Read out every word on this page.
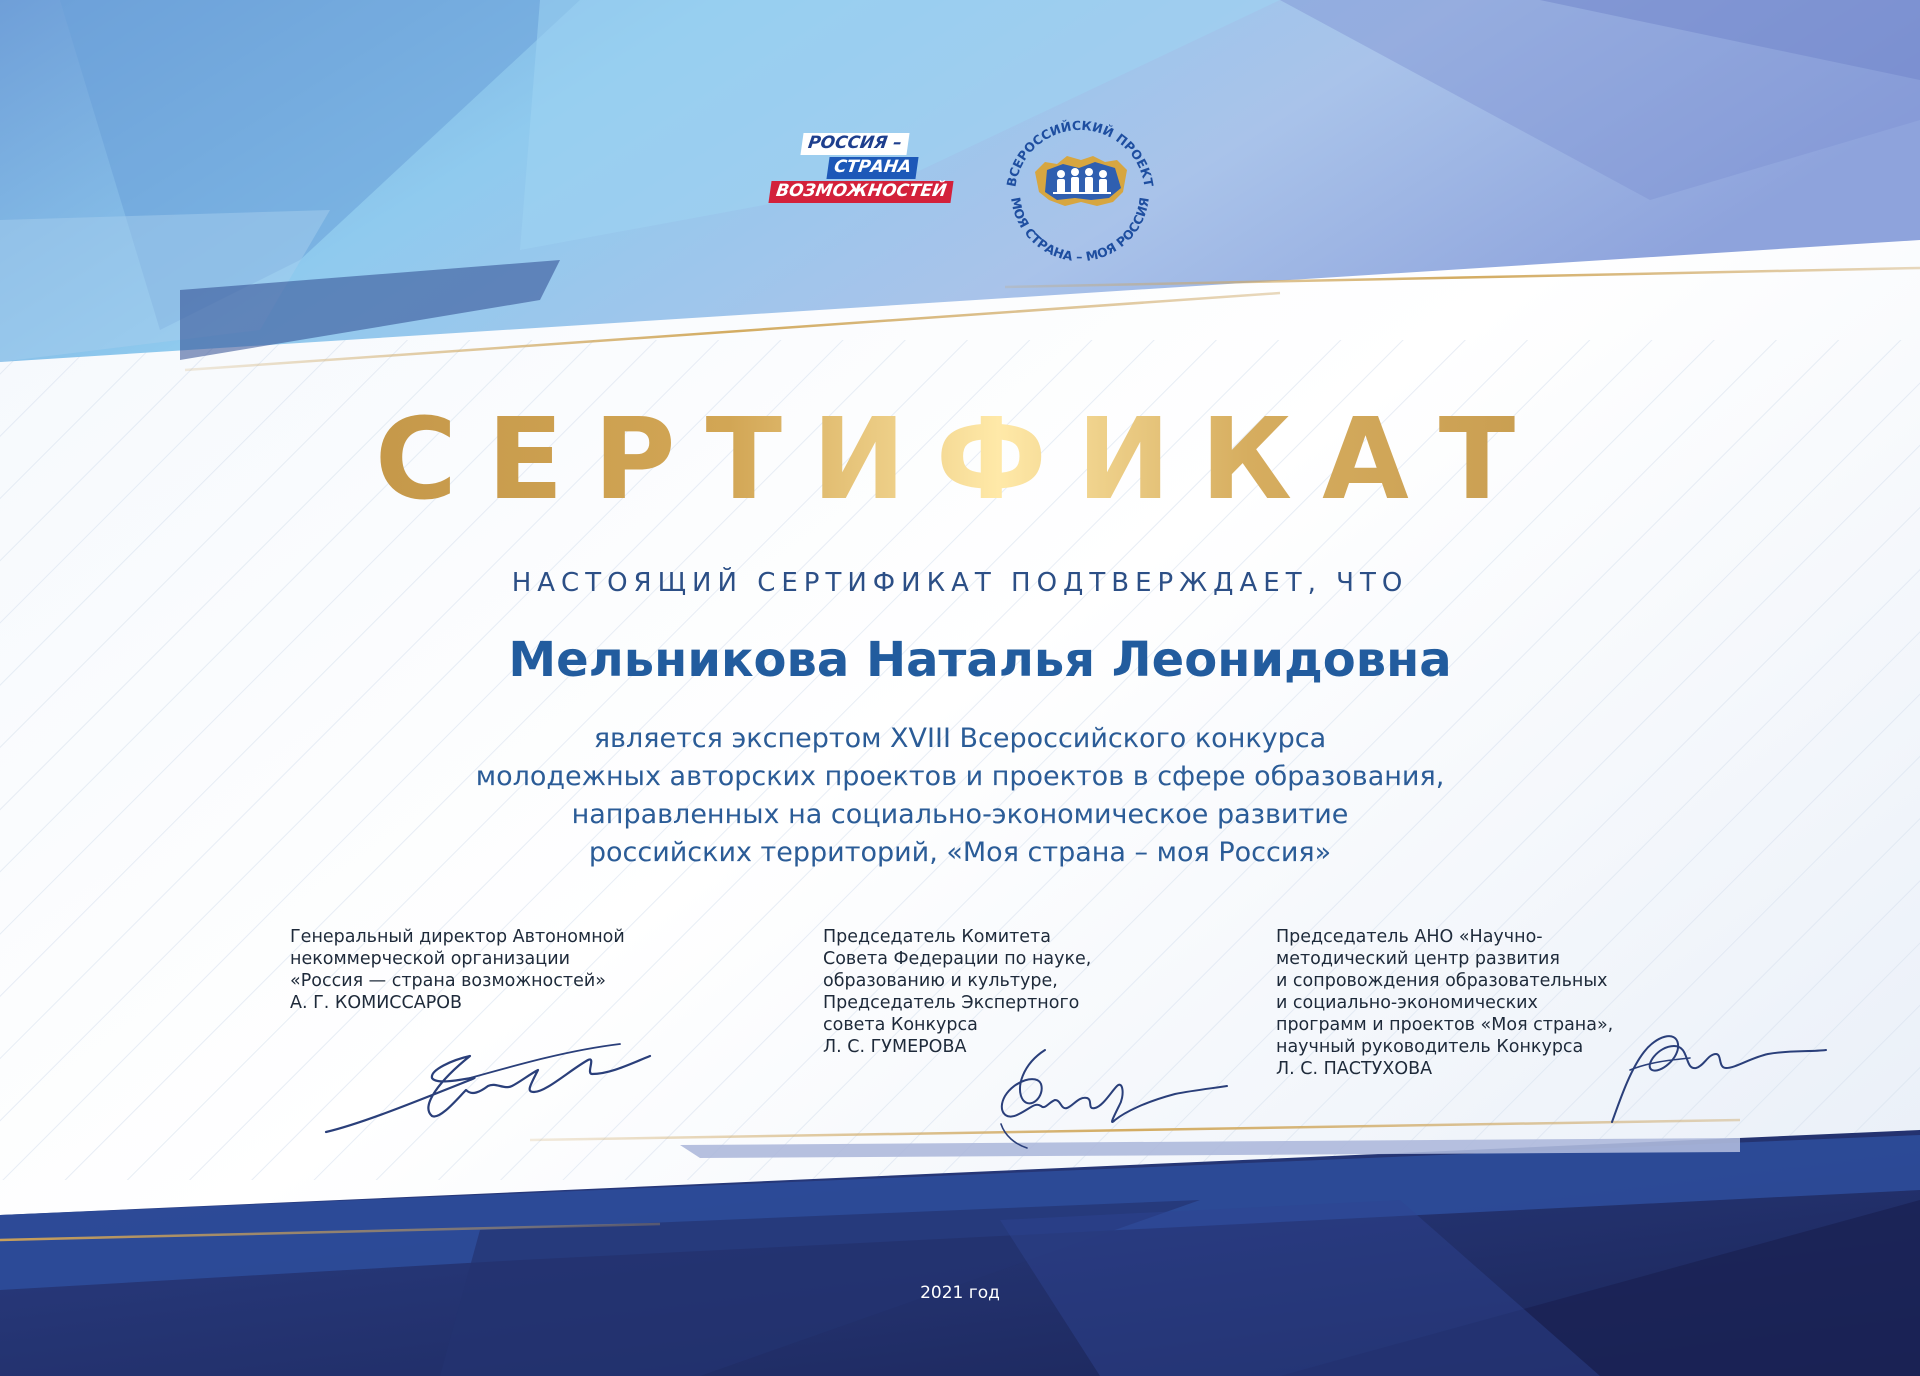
РОССИЯ –
СТРАНА
ВОЗМОЖНОСТЕЙ	ВСЕРОССИЙСКИЙ ПРОЕКТ
МОЯ СТРАНА – МОЯ РОССИЯ
СЕРТИФИКАТ
НАСТОЯЩИЙ СЕРТИФИКАТ ПОДТВЕРЖДАЕТ, ЧТО
Мельникова Наталья Леонидовна
является экспертом XVIII Всероссийского конкурса
молодежных авторских проектов и проектов в сфере образования,
направленных на социально-экономическое развитие
российских территорий, «Моя страна – моя Россия»
Генеральный директор Автономной
некоммерческой организации
«Россия — страна возможностей»
А. Г. КОМИССАРОВ
Председатель Комитета
Совета Федерации по науке,
образованию и культуре,
Председатель Экспертного
совета Конкурса
Л. С. ГУМЕРОВА
Председатель АНО «Научно-
методический центр развития
и сопровождения образовательных
и социально-экономических
программ и проектов «Моя страна»,
научный руководитель Конкурса
Л. С. ПАСТУХОВА
2021 год
